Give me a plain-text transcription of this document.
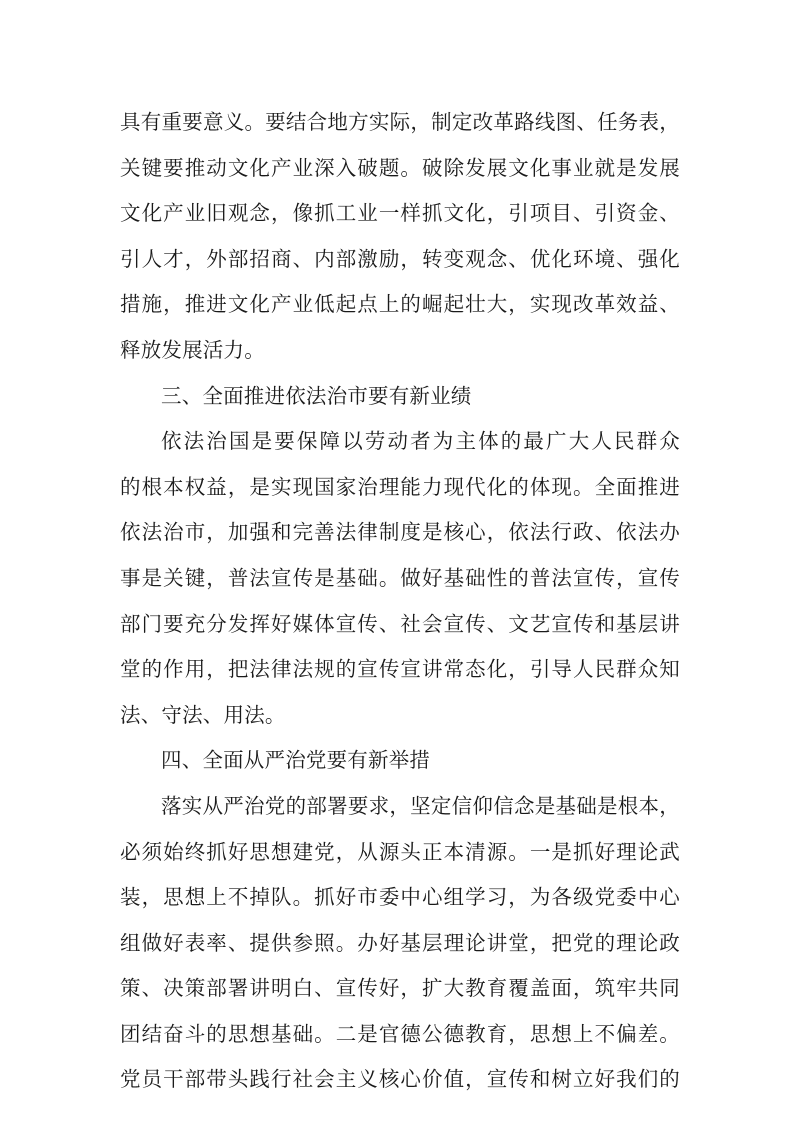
具有重要意义。要结合地方实际，制定改革路线图、任务表，
关键要推动文化产业深入破题。破除发展文化事业就是发展
文化产业旧观念，像抓工业一样抓文化，引项目、引资金、
引人才，外部招商、内部激励，转变观念、优化环境、强化
措施，推进文化产业低起点上的崛起壮大，实现改革效益、
释放发展活力。
三、全面推进依法治市要有新业绩
依法治国是要保障以劳动者为主体的最广大人民群众
的根本权益，是实现国家治理能力现代化的体现。全面推进
依法治市，加强和完善法律制度是核心，依法行政、依法办
事是关键，普法宣传是基础。做好基础性的普法宣传，宣传
部门要充分发挥好媒体宣传、社会宣传、文艺宣传和基层讲
堂的作用，把法律法规的宣传宣讲常态化，引导人民群众知
法、守法、用法。
四、全面从严治党要有新举措
落实从严治党的部署要求，坚定信仰信念是基础是根本，
必须始终抓好思想建党，从源头正本清源。一是抓好理论武
装，思想上不掉队。抓好市委中心组学习，为各级党委中心
组做好表率、提供参照。办好基层理论讲堂，把党的理论政
策、决策部署讲明白、宣传好，扩大教育覆盖面，筑牢共同
团结奋斗的思想基础。二是官德公德教育，思想上不偏差。
党员干部带头践行社会主义核心价值，宣传和树立好我们的
